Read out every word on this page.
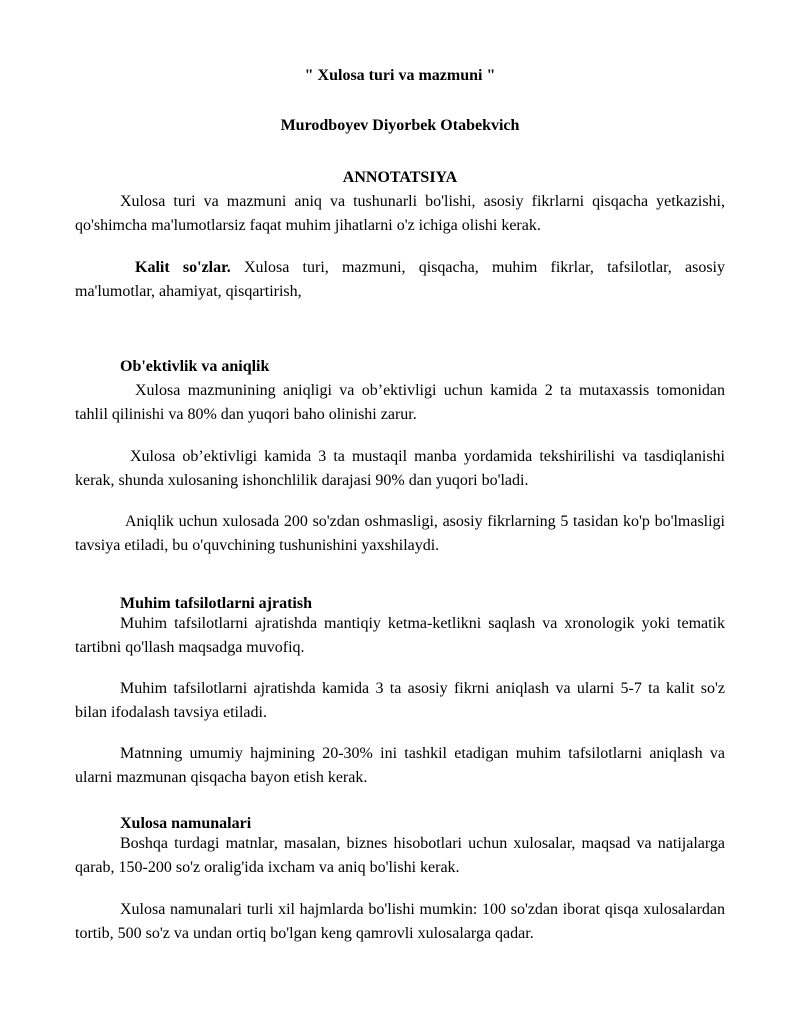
" Xulosa turi va mazmuni "

Murodboyev Diyorbek Otabekvich

ANNOTATSIYA

Xulosa turi va mazmuni aniq va tushunarli bo'lishi, asosiy fikrlarni qisqacha yetkazishi, qo'shimcha ma'lumotlarsiz faqat muhim jihatlarni o'z ichiga olishi kerak.

Kalit so'zlar. Xulosa turi, mazmuni, qisqacha, muhim fikrlar, tafsilotlar, asosiy ma'lumotlar, ahamiyat, qisqartirish,

Ob'ektivlik va aniqlik

Xulosa mazmunining aniqligi va ob’ektivligi uchun kamida 2 ta mutaxassis tomonidan tahlil qilinishi va 80% dan yuqori baho olinishi zarur.

Xulosa ob’ektivligi kamida 3 ta mustaqil manba yordamida tekshirilishi va tasdiqlanishi kerak, shunda xulosaning ishonchlilik darajasi 90% dan yuqori bo'ladi.

Aniqlik uchun xulosada 200 so'zdan oshmasligi, asosiy fikrlarning 5 tasidan ko'p bo'lmasligi tavsiya etiladi, bu o'quvchining tushunishini yaxshilaydi.

Muhim tafsilotlarni ajratish

Muhim tafsilotlarni ajratishda mantiqiy ketma-ketlikni saqlash va xronologik yoki tematik tartibni qo'llash maqsadga muvofiq.

Muhim tafsilotlarni ajratishda kamida 3 ta asosiy fikrni aniqlash va ularni 5-7 ta kalit so'z bilan ifodalash tavsiya etiladi.

Matnning umumiy hajmining 20-30% ini tashkil etadigan muhim tafsilotlarni aniqlash va ularni mazmunan qisqacha bayon etish kerak.

Xulosa namunalari

Boshqa turdagi matnlar, masalan, biznes hisobotlari uchun xulosalar, maqsad va natijalarga qarab, 150-200 so'z oralig'ida ixcham va aniq bo'lishi kerak.

Xulosa namunalari turli xil hajmlarda bo'lishi mumkin: 100 so'zdan iborat qisqa xulosalardan tortib, 500 so'z va undan ortiq bo'lgan keng qamrovli xulosalarga qadar.
